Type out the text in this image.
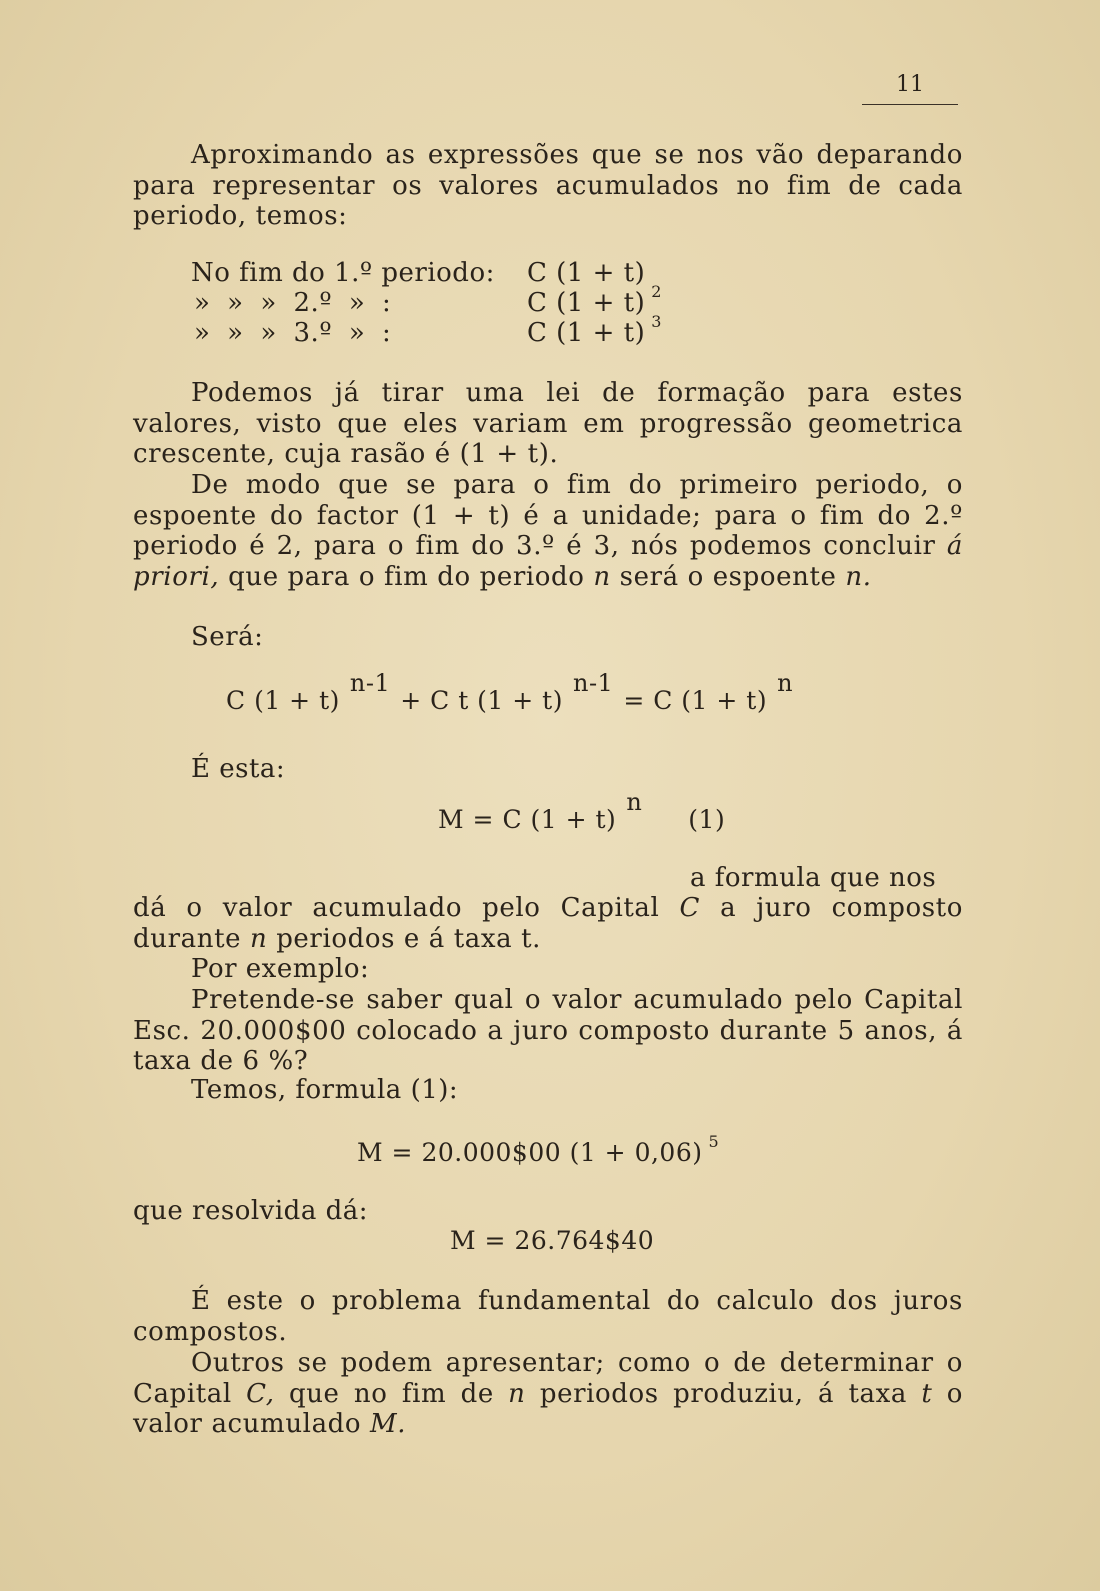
11
Aproximando as expressões que se nos vão deparando para representar os valores acumulados no fim de cada periodo, temos:
No fim do 1.º periodo: C (1 + t)
» » » 2.º » :	C (1 + t) $^2$
» » » 3.º » :	C (1 + t) $^3$
Podemos já tirar uma lei de formação para estes valores, visto que eles variam em progressão geometrica crescente, cuja rasão é (1 + t).
De modo que se para o fim do primeiro periodo, o espoente do factor (1 + t) é a unidade; para o fim do 2.º periodo é 2, para o fim do 3.º é 3, nós podemos concluir á priori, que para o fim do periodo n será o espoente n.
Será:
C (1 + t)n-1+ C t (1 + t)n-1= C (1 + t)n
É esta:
M = C (1 + t)n(1)
a formula que nos
dá o valor acumulado pelo Capital C a juro composto durante n periodos e á taxa t.
Por exemplo:
Pretende-se saber qual o valor acumulado pelo Capital Esc. 20.000$00 colocado a juro composto durante 5 anos, á taxa de 6 %?
Temos, formula (1):
M = 20.000$00 (1 + 0,06) $^5$
que resolvida dá:
M = 26.764$40
É este o problema fundamental do calculo dos juros compostos.
Outros se podem apresentar; como o de determinar o Capital C, que no fim de n periodos produziu, á taxa t o valor acumulado M.
